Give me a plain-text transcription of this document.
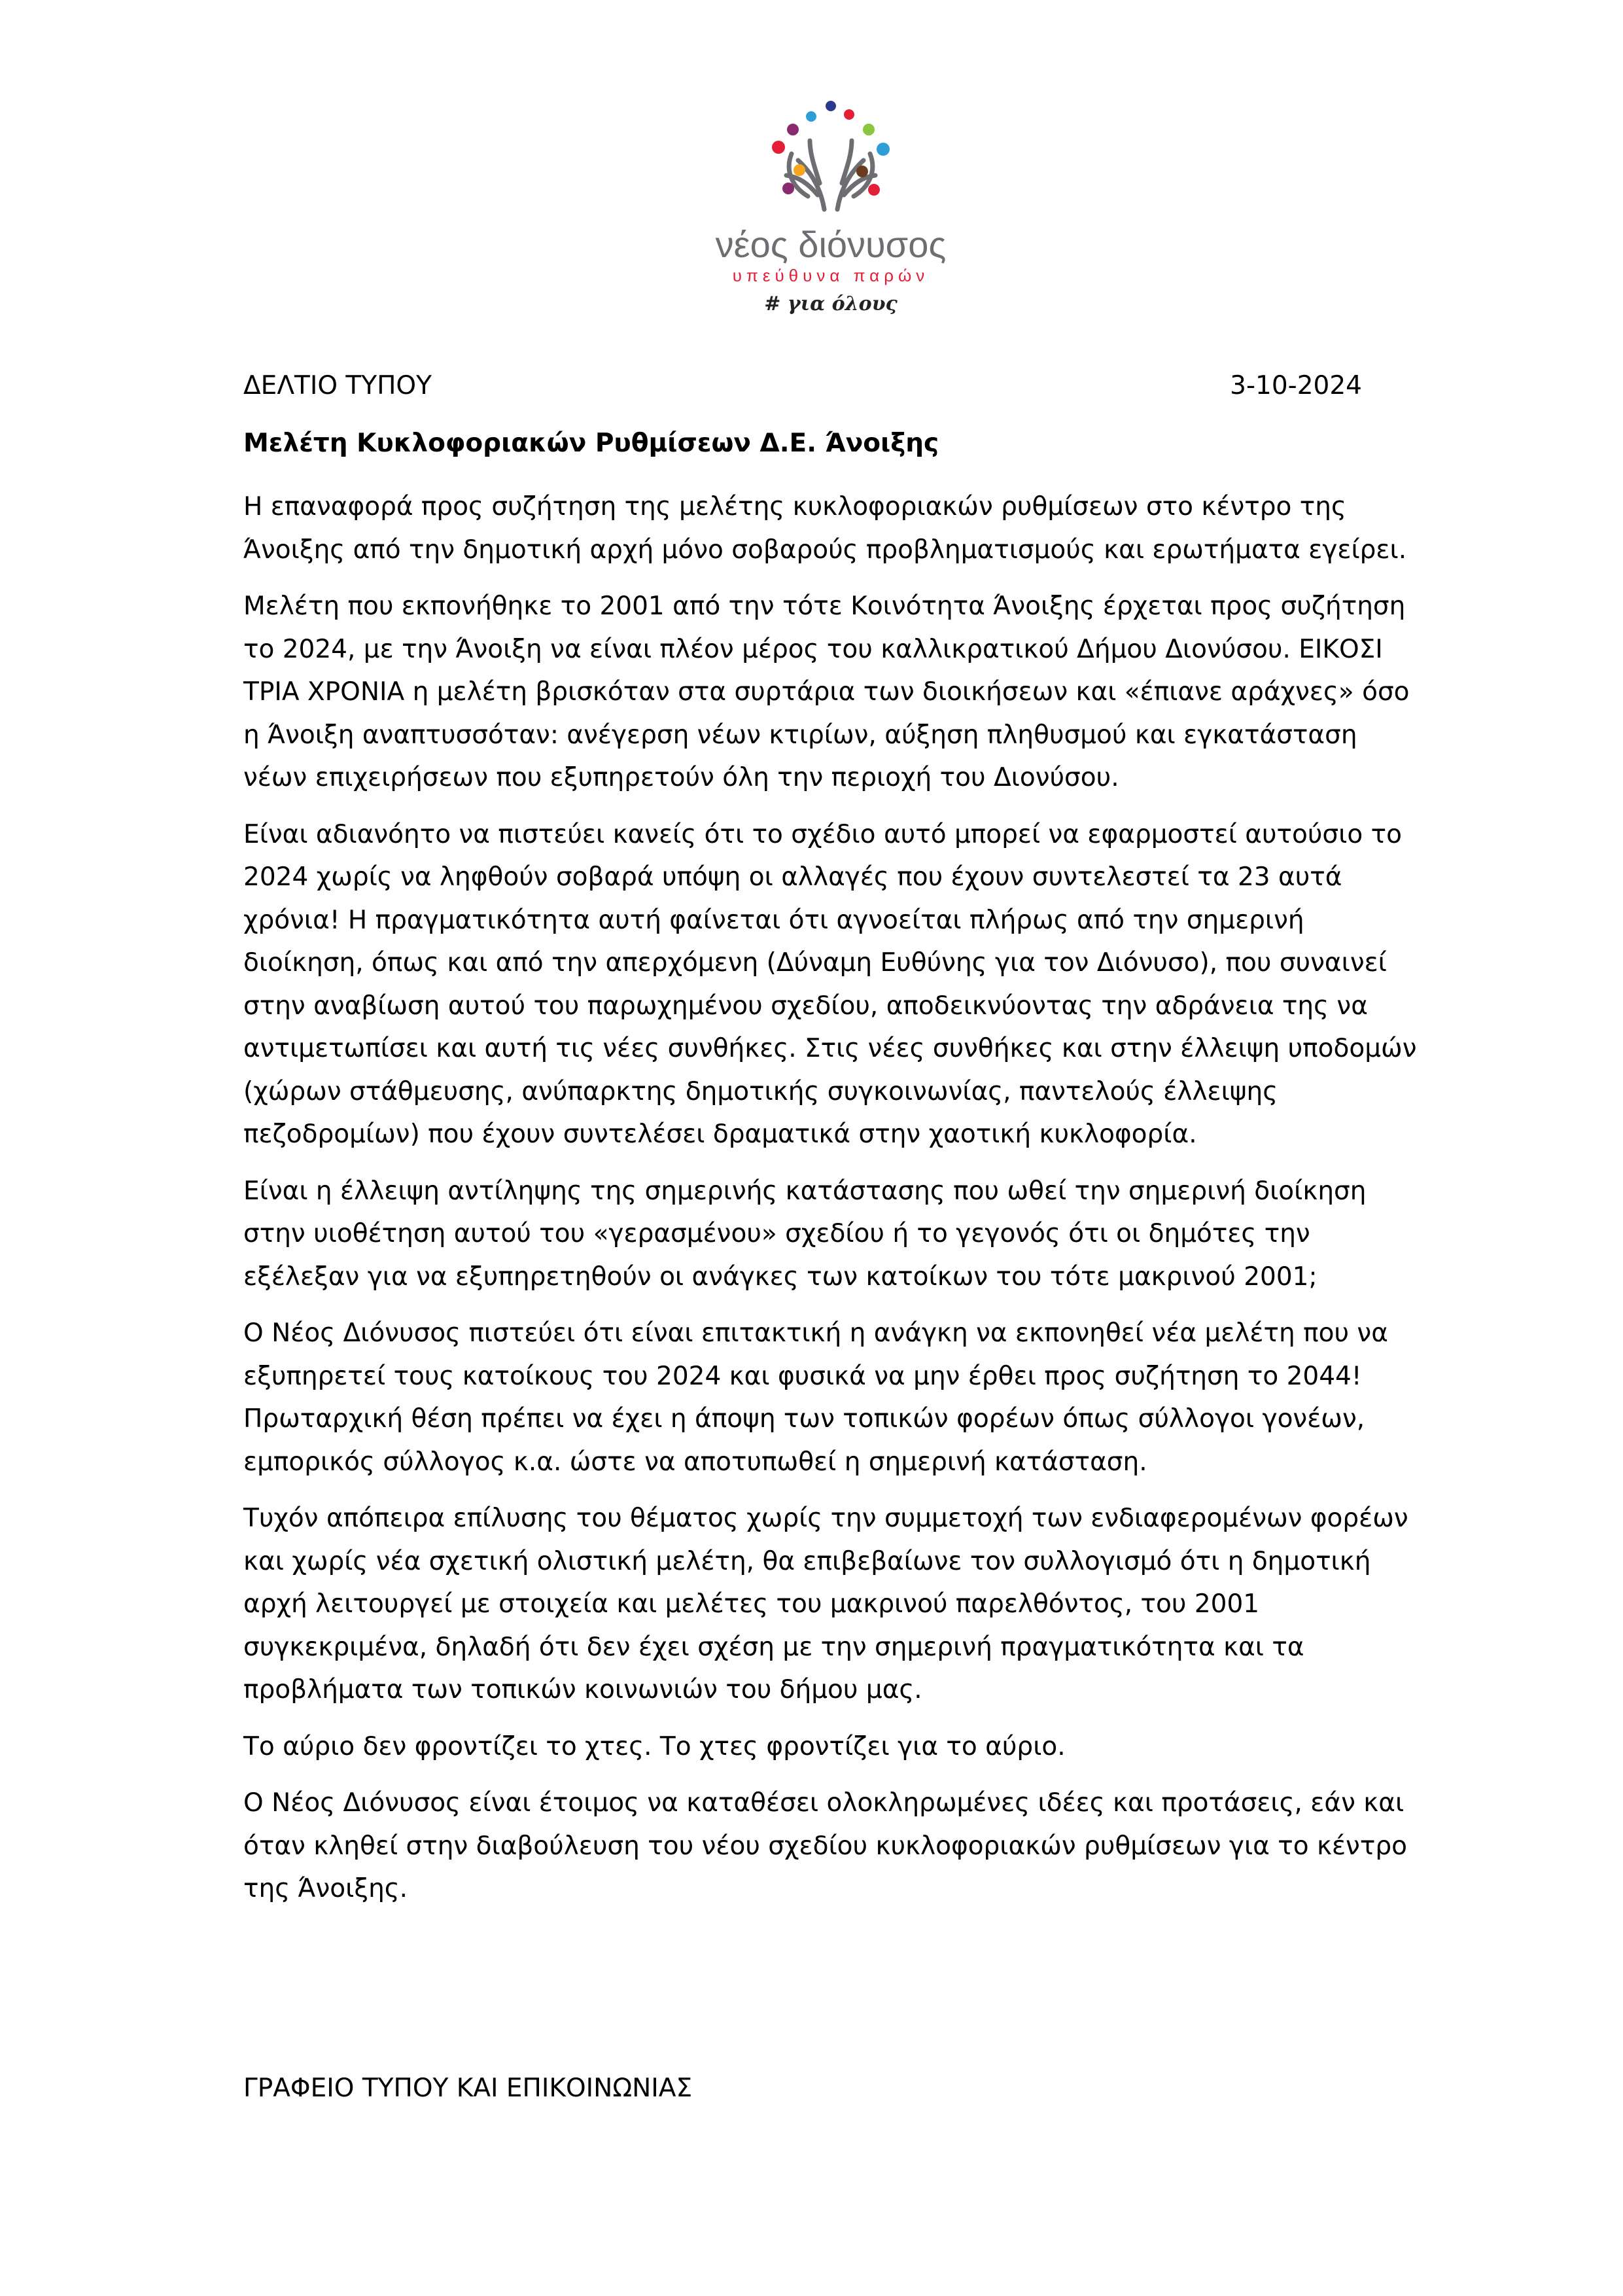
νέος διόνυσος
υπεύθυνα παρών
# για όλους
ΔΕΛΤΙΟ ΤΥΠΟΥ	3-10-2024
Μελέτη Κυκλοφοριακών Ρυθμίσεων Δ.Ε. Άνοιξης

Η επαναφορά προς συζήτηση της μελέτης κυκλοφοριακών ρυθμίσεων στο κέντρο της Άνοιξης από την δημοτική αρχή μόνο σοβαρούς προβληματισμούς και ερωτήματα εγείρει.

Μελέτη που εκπονήθηκε το 2001 από την τότε Κοινότητα Άνοιξης έρχεται προς συζήτηση το 2024, με την Άνοιξη να είναι πλέον μέρος του καλλικρατικού Δήμου Διονύσου. ΕΙΚΟΣΙ ΤΡΙΑ ΧΡΟΝΙΑ η μελέτη βρισκόταν στα συρτάρια των διοικήσεων και «έπιανε αράχνες» όσο η Άνοιξη αναπτυσσόταν: ανέγερση νέων κτιρίων, αύξηση πληθυσμού και εγκατάσταση νέων επιχειρήσεων που εξυπηρετούν όλη την περιοχή του Διονύσου.

Είναι αδιανόητο να πιστεύει κανείς ότι το σχέδιο αυτό μπορεί να εφαρμοστεί αυτούσιο το 2024 χωρίς να ληφθούν σοβαρά υπόψη οι αλλαγές που έχουν συντελεστεί τα 23 αυτά χρόνια! Η πραγματικότητα αυτή φαίνεται ότι αγνοείται πλήρως από την σημερινή διοίκηση, όπως και από την απερχόμενη (Δύναμη Ευθύνης για τον Διόνυσο), που συναινεί στην αναβίωση αυτού του παρωχημένου σχεδίου, αποδεικνύοντας την αδράνεια της να αντιμετωπίσει και αυτή τις νέες συνθήκες. Στις νέες συνθήκες και στην έλλειψη υποδομών (χώρων στάθμευσης, ανύπαρκτης δημοτικής συγκοινωνίας, παντελούς έλλειψης πεζοδρομίων) που έχουν συντελέσει δραματικά στην χαοτική κυκλοφορία.

Είναι η έλλειψη αντίληψης της σημερινής κατάστασης που ωθεί την σημερινή διοίκηση στην υιοθέτηση αυτού του «γερασμένου» σχεδίου ή το γεγονός ότι οι δημότες την εξέλεξαν για να εξυπηρετηθούν οι ανάγκες των κατοίκων του τότε μακρινού 2001;

Ο Νέος Διόνυσος πιστεύει ότι είναι επιτακτική η ανάγκη να εκπονηθεί νέα μελέτη που να εξυπηρετεί τους κατοίκους του 2024 και φυσικά να μην έρθει προς συζήτηση το 2044! Πρωταρχική θέση πρέπει να έχει η άποψη των τοπικών φορέων όπως σύλλογοι γονέων, εμπορικός σύλλογος κ.α. ώστε να αποτυπωθεί η σημερινή κατάσταση.

Τυχόν απόπειρα επίλυσης του θέματος χωρίς την συμμετοχή των ενδιαφερομένων φορέων και χωρίς νέα σχετική ολιστική μελέτη, θα επιβεβαίωνε τον συλλογισμό ότι η δημοτική αρχή λειτουργεί με στοιχεία και μελέτες του μακρινού παρελθόντος, του 2001 συγκεκριμένα, δηλαδή ότι δεν έχει σχέση με την σημερινή πραγματικότητα και τα προβλήματα των τοπικών κοινωνιών του δήμου μας.

Το αύριο δεν φροντίζει το χτες. Το χτες φροντίζει για το αύριο.

Ο Νέος Διόνυσος είναι έτοιμος να καταθέσει ολοκληρωμένες ιδέες και προτάσεις, εάν και όταν κληθεί στην διαβούλευση του νέου σχεδίου κυκλοφοριακών ρυθμίσεων για το κέντρο της Άνοιξης.

ΓΡΑΦΕΙΟ ΤΥΠΟΥ ΚΑΙ ΕΠΙΚΟΙΝΩΝΙΑΣ
